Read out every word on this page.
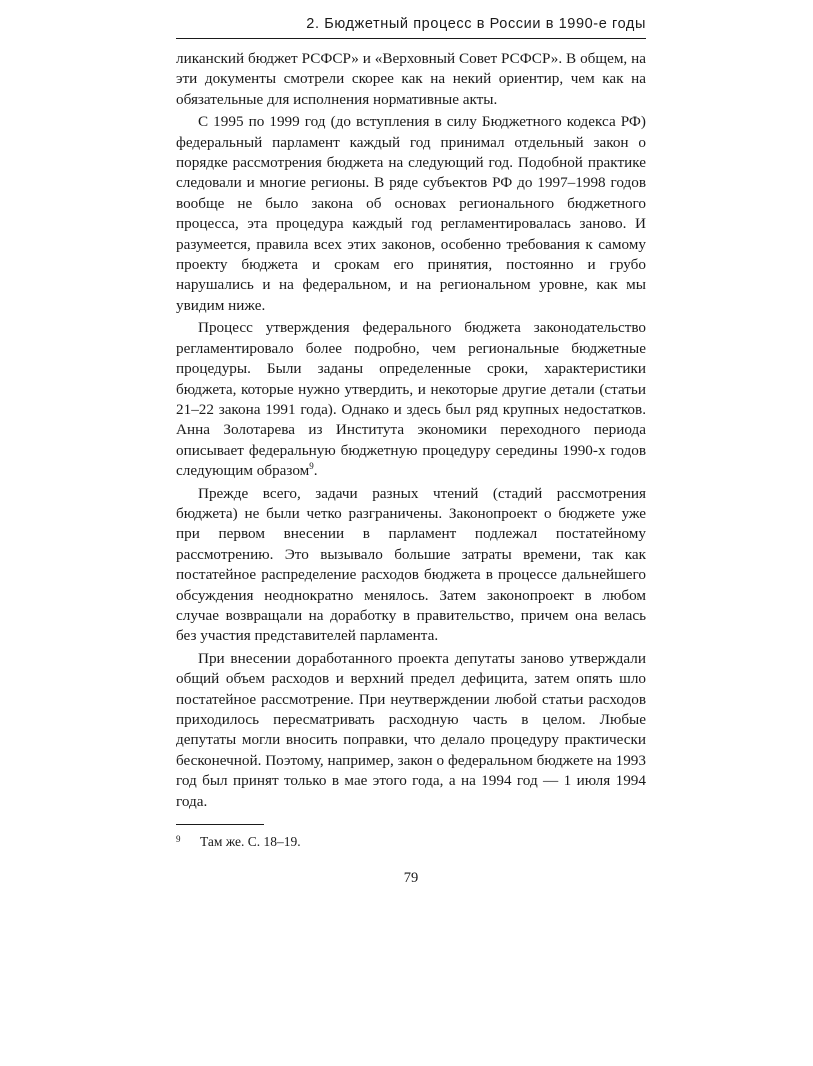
2. Бюджетный процесс в России в 1990-е годы

ликанский бюджет РСФСР» и «Верховный Совет РСФСР». В общем, на эти документы смотрели скорее как на некий ориентир, чем как на обязательные для исполнения нормативные акты.

С 1995 по 1999 год (до вступления в силу Бюджетного кодекса РФ) федеральный парламент каждый год принимал отдельный закон о порядке рассмотрения бюджета на следующий год. Подобной практике следовали и многие регионы. В ряде субъектов РФ до 1997–1998 годов вообще не было закона об основах регионального бюджетного процесса, эта процедура каждый год регламентировалась заново. И разумеется, правила всех этих законов, особенно требования к самому проекту бюджета и срокам его принятия, постоянно и грубо нарушались и на федеральном, и на региональном уровне, как мы увидим ниже.

Процесс утверждения федерального бюджета законодательство регламентировало более подробно, чем региональные бюджетные процедуры. Были заданы определенные сроки, характеристики бюджета, которые нужно утвердить, и некоторые другие детали (статьи 21–22 закона 1991 года). Однако и здесь был ряд крупных недостатков. Анна Золотарева из Института экономики переходного периода описывает федеральную бюджетную процедуру середины 1990-х годов следующим образом$^9$.

Прежде всего, задачи разных чтений (стадий рассмотрения бюджета) не были четко разграничены. Законопроект о бюджете уже при первом внесении в парламент подлежал постатейному рассмотрению. Это вызывало большие затраты времени, так как постатейное распределение расходов бюджета в процессе дальнейшего обсуждения неоднократно менялось. Затем законопроект в любом случае возвращали на доработку в правительство, причем она велась без участия представителей парламента.

При внесении доработанного проекта депутаты заново утверждали общий объем расходов и верхний предел дефицита, затем опять шло постатейное рассмотрение. При неутверждении любой статьи расходов приходилось пересматривать расходную часть в целом. Любые депутаты могли вносить поправки, что делало процедуру практически бесконечной. Поэтому, например, закон о федеральном бюджете на 1993 год был принят только в мае этого года, а на 1994 год — 1 июля 1994 года.

9	Там же. С. 18–19.
79
